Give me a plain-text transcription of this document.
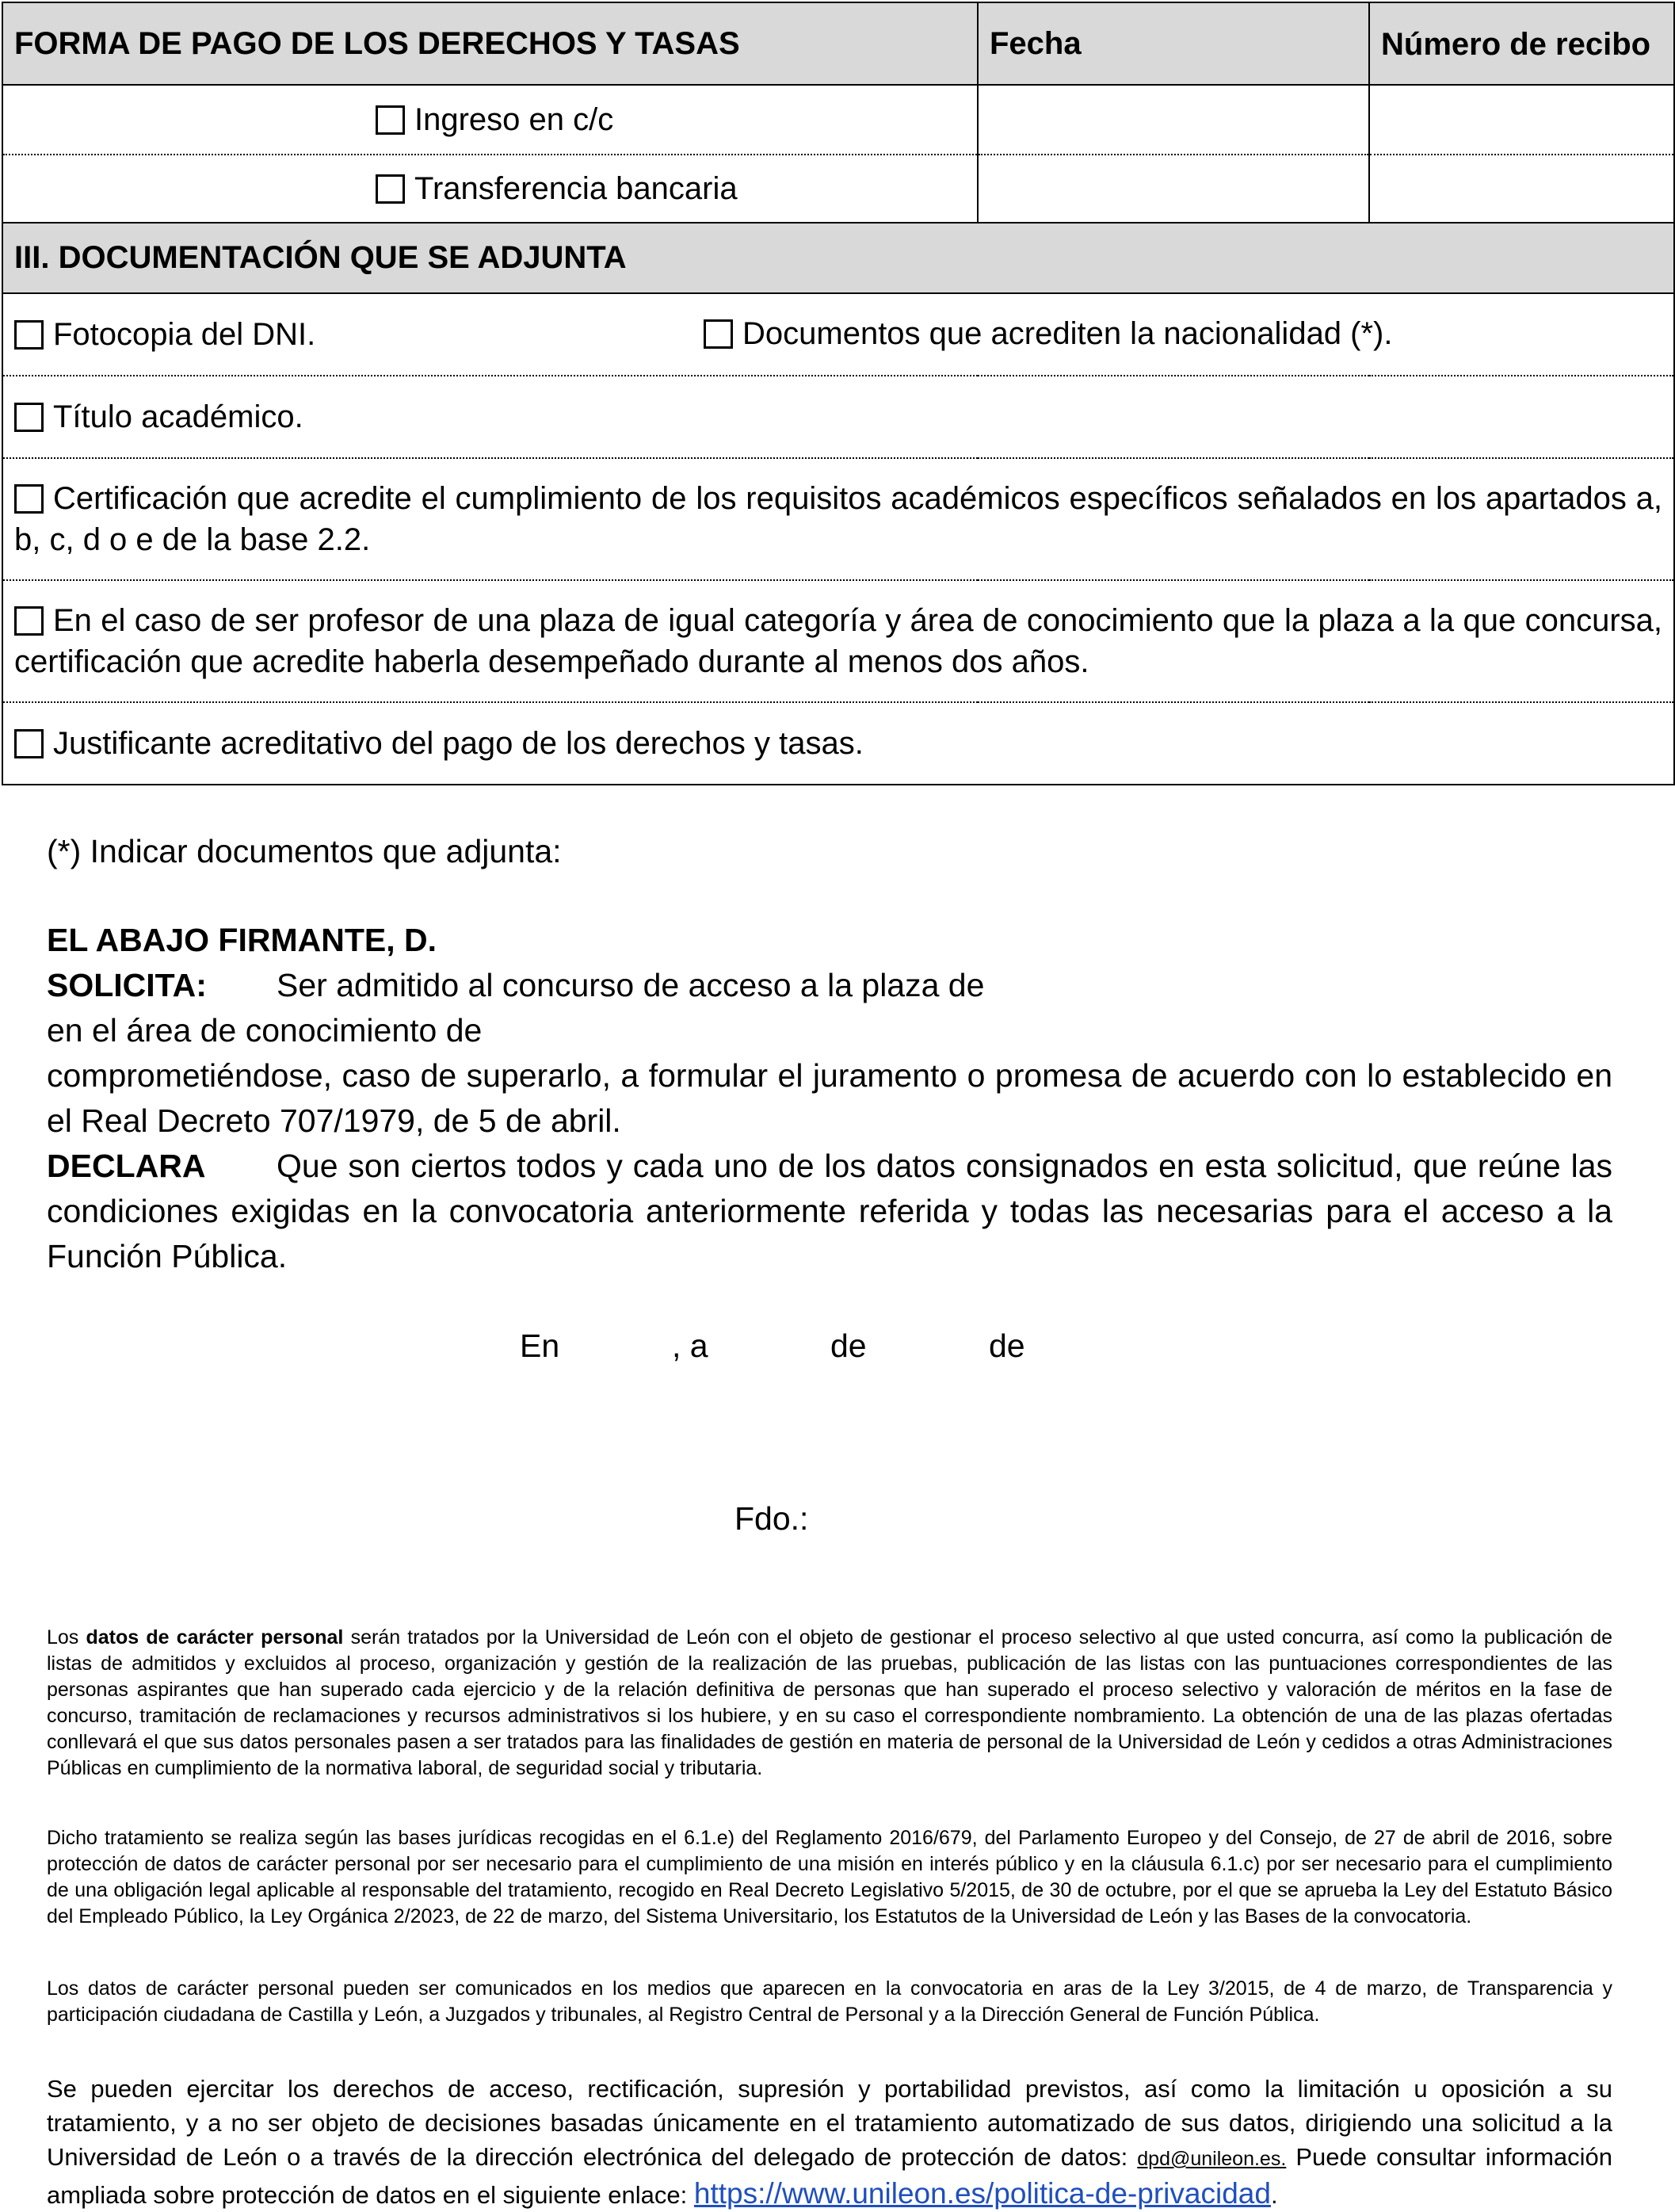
FORMA DE PAGO DE LOS DERECHOS Y TASAS	Fecha	Número de recibo
Ingreso en c/c		
Transferencia bancaria		
III. DOCUMENTACIÓN QUE SE ADJUNTA		
Fotocopia del DNI. Documentos que acrediten la nacionalidad (*).		

Título académico.		
Certificación que acredite el cumplimiento de los requisitos académicos específicos señalados en los apartados a, b, c, d o e de la base 2.2.		
En el caso de ser profesor de una plaza de igual categoría y área de conocimiento que la plaza a la que concursa, certificación que acredite haberla desempeñado durante al menos dos años.		
Justificante acreditativo del pago de los derechos y tasas.		
(*) Indicar documentos que adjunta:
EL ABAJO FIRMANTE, D.
SOLICITA: Ser admitido al concurso de acceso a la plaza de
en el área de conocimiento de
comprometiéndose, caso de superarlo, a formular el juramento o promesa de acuerdo con lo establecido en el Real Decreto 707/1979, de 5 de abril.
DECLARA Que son ciertos todos y cada uno de los datos consignados en esta solicitud, que reúne las condiciones exigidas en la convocatoria anteriormente referida y todas las necesarias para el acceso a la Función Pública.
En	, a	de	de
Fdo.:
Los datos de carácter personal serán tratados por la Universidad de León con el objeto de gestionar el proceso selectivo al que usted concurra, así como la publicación de listas de admitidos y excluidos al proceso, organización y gestión de la realización de las pruebas, publicación de las listas con las puntuaciones correspondientes de las personas aspirantes que han superado cada ejercicio y de la relación definitiva de personas que han superado el proceso selectivo y valoración de méritos en la fase de concurso, tramitación de reclamaciones y recursos administrativos si los hubiere, y en su caso el correspondiente nombramiento. La obtención de una de las plazas ofertadas conllevará el que sus datos personales pasen a ser tratados para las finalidades de gestión en materia de personal de la Universidad de León y cedidos a otras Administraciones Públicas en cumplimiento de la normativa laboral, de seguridad social y tributaria.
Dicho tratamiento se realiza según las bases jurídicas recogidas en el 6.1.e) del Reglamento 2016/679, del Parlamento Europeo y del Consejo, de 27 de abril de 2016, sobre protección de datos de carácter personal por ser necesario para el cumplimiento de una misión en interés público y en la cláusula 6.1.c) por ser necesario para el cumplimiento de una obligación legal aplicable al responsable del tratamiento, recogido en Real Decreto Legislativo 5/2015, de 30 de octubre, por el que se aprueba la Ley del Estatuto Básico del Empleado Público, la Ley Orgánica 2/2023, de 22 de marzo, del Sistema Universitario, los Estatutos de la Universidad de León y las Bases de la convocatoria.
Los datos de carácter personal pueden ser comunicados en los medios que aparecen en la convocatoria en aras de la Ley 3/2015, de 4 de marzo, de Transparencia y participación ciudadana de Castilla y León, a Juzgados y tribunales, al Registro Central de Personal y a la Dirección General de Función Pública.
Se pueden ejercitar los derechos de acceso, rectificación, supresión y portabilidad previstos, así como la limitación u oposición a su tratamiento, y a no ser objeto de decisiones basadas únicamente en el tratamiento automatizado de sus datos, dirigiendo una solicitud a la Universidad de León o a través de la dirección electrónica del delegado de protección de datos: dpd@unileon.es. Puede consultar información ampliada sobre protección de datos en el siguiente enlace: https://www.unileon.es/politica-de-privacidad.
